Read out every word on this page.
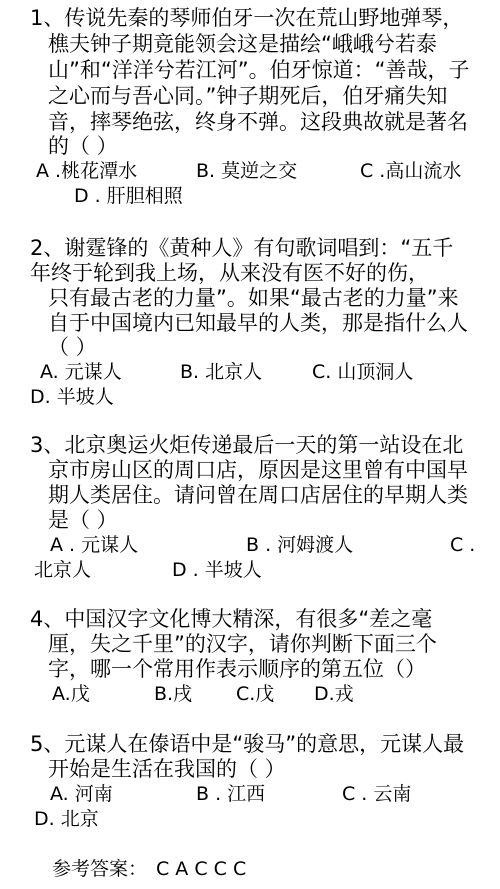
1、传说先秦的琴师伯牙一次在荒山野地弹琴，
樵夫钟子期竟能领会这是描绘“峨峨兮若泰
山”和“洋洋兮若江河”。伯牙惊道：“善哉，子
之心而与吾心同。”钟子期死后，伯牙痛失知
音，摔琴绝弦，终身不弹。这段典故就是著名
的（ ）
A .桃花潭水	B. 莫逆之交	C .高山流水
D . 肝胆相照
2、谢霆锋的《黄种人》有句歌词唱到：“五千
年终于轮到我上场，从来没有医不好的伤，
只有最古老的力量”。如果“最古老的力量”来
自于中国境内已知最早的人类，那是指什么人
（ ）
A. 元谋人	B. 北京人	C. 山顶洞人
D. 半坡人
3、北京奥运火炬传递最后一天的第一站设在北
京市房山区的周口店，原因是这里曾有中国早
期人类居住。请问曾在周口店居住的早期人类
是（ ）
A . 元谋人	B . 河姆渡人	C .
北京人	D . 半坡人
4、中国汉字文化博大精深，有很多“差之毫
厘，失之千里”的汉字，请你判断下面三个
字，哪一个常用作表示顺序的第五位（）
A.戊	B.戌 C.戊 D.戎
5、元谋人在傣语中是“骏马”的意思，元谋人最
开始是生活在我国的（ ）
A. 河南	B . 江西	C . 云南
D. 北京
参考答案： C A C C C
